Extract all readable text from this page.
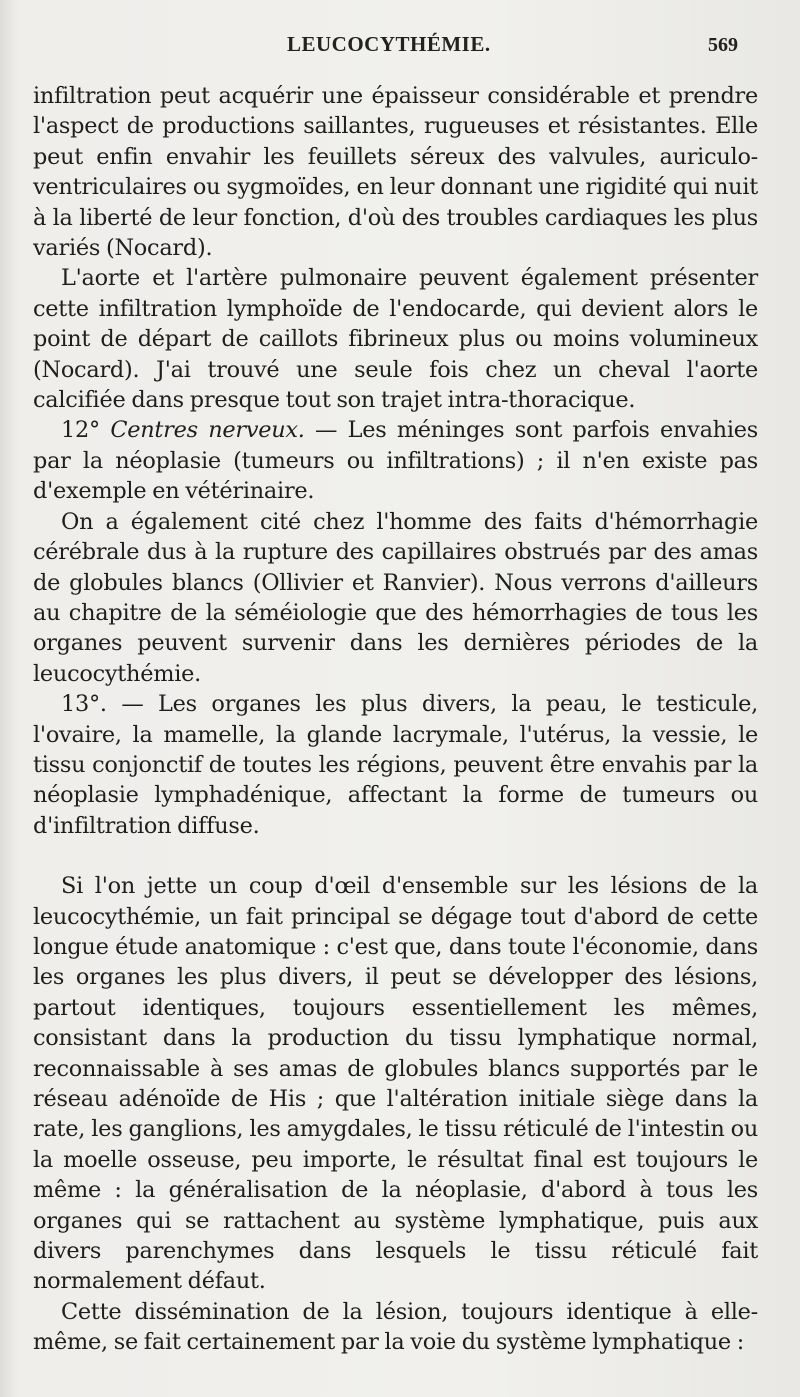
LEUCOCYTHÉMIE.	569

infiltration peut acquérir une épaisseur considérable et prendre l'aspect de productions saillantes, rugueuses et résistantes. Elle peut enfin envahir les feuillets séreux des valvules, auriculo-ventriculaires ou sygmoïdes, en leur donnant une rigidité qui nuit à la liberté de leur fonction, d'où des troubles cardiaques les plus variés (Nocard).

L'aorte et l'artère pulmonaire peuvent également présenter cette infiltration lymphoïde de l'endocarde, qui devient alors le point de départ de caillots fibrineux plus ou moins volumineux (Nocard). J'ai trouvé une seule fois chez un cheval l'aorte calcifiée dans presque tout son trajet intra-thoracique.

12° Centres nerveux. — Les méninges sont parfois envahies par la néoplasie (tumeurs ou infiltrations) ; il n'en existe pas d'exemple en vétérinaire.

On a également cité chez l'homme des faits d'hémorrhagie cérébrale dus à la rupture des capillaires obstrués par des amas de globules blancs (Ollivier et Ranvier). Nous verrons d'ailleurs au chapitre de la séméiologie que des hémorrhagies de tous les organes peuvent survenir dans les dernières périodes de la leucocythémie.

13°. — Les organes les plus divers, la peau, le testicule, l'ovaire, la mamelle, la glande lacrymale, l'utérus, la vessie, le tissu conjonctif de toutes les régions, peuvent être envahis par la néoplasie lymphadénique, affectant la forme de tumeurs ou d'infiltration diffuse.

Si l'on jette un coup d'œil d'ensemble sur les lésions de la leucocythémie, un fait principal se dégage tout d'abord de cette longue étude anatomique : c'est que, dans toute l'économie, dans les organes les plus divers, il peut se développer des lésions, partout identiques, toujours essentiellement les mêmes, consistant dans la production du tissu lymphatique normal, reconnaissable à ses amas de globules blancs supportés par le réseau adénoïde de His ; que l'altération initiale siège dans la rate, les ganglions, les amygdales, le tissu réticulé de l'intestin ou la moelle osseuse, peu importe, le résultat final est toujours le même : la généralisation de la néoplasie, d'abord à tous les organes qui se rattachent au système lymphatique, puis aux divers parenchymes dans lesquels le tissu réticulé fait normalement défaut.

Cette dissémination de la lésion, toujours identique à elle-même, se fait certainement par la voie du système lymphatique :
